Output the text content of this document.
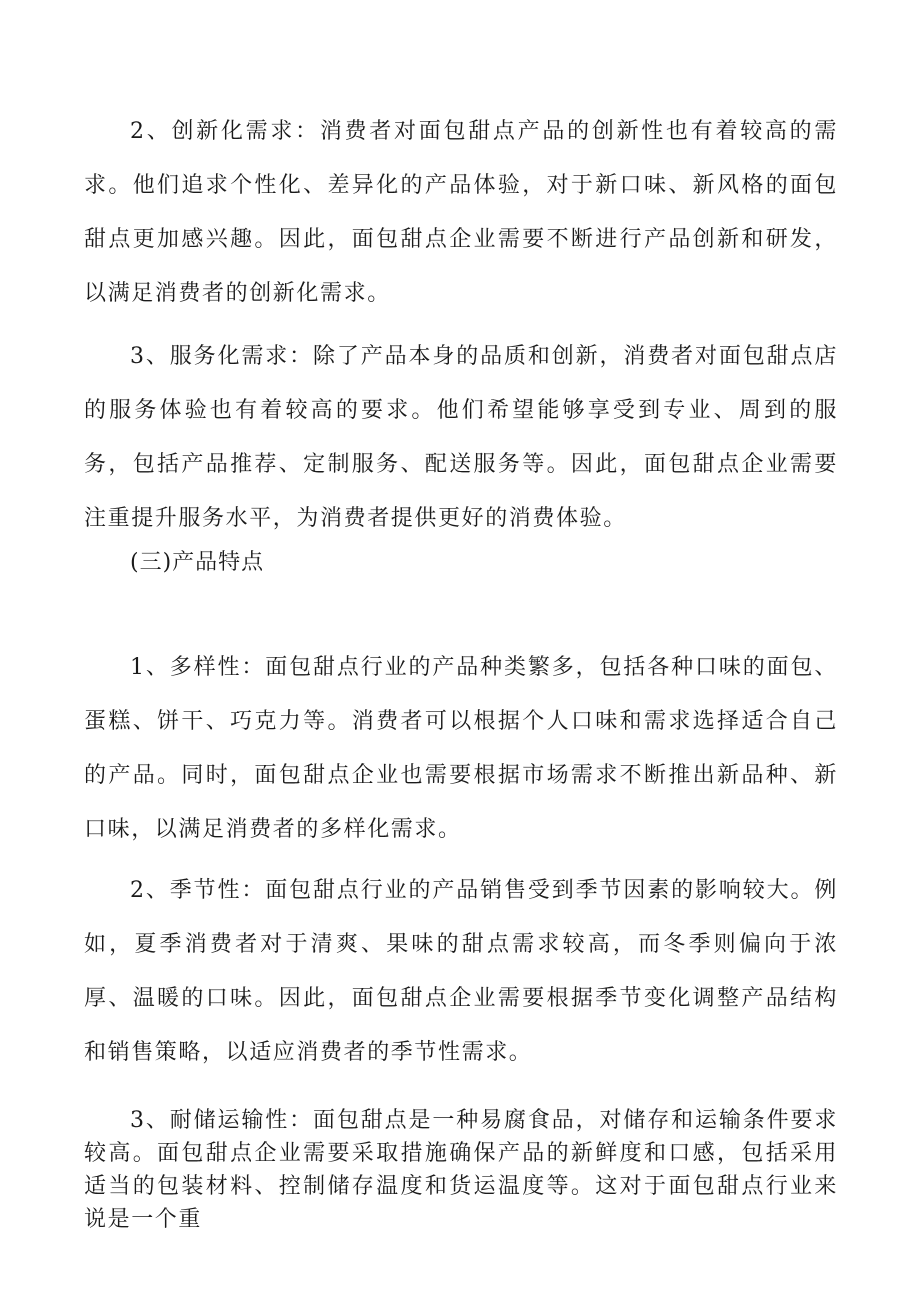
2、创新化需求：消费者对面包甜点产品的创新性也有着较高的需求。他们追求个性化、差异化的产品体验，对于新口味、新风格的面包甜点更加感兴趣。因此，面包甜点企业需要不断进行产品创新和研发，以满足消费者的创新化需求。

3、服务化需求：除了产品本身的品质和创新，消费者对面包甜点店的服务体验也有着较高的要求。他们希望能够享受到专业、周到的服务，包括产品推荐、定制服务、配送服务等。因此，面包甜点企业需要注重提升服务水平，为消费者提供更好的消费体验。

(三)产品特点

1、多样性：面包甜点行业的产品种类繁多，包括各种口味的面包、蛋糕、饼干、巧克力等。消费者可以根据个人口味和需求选择适合自己的产品。同时，面包甜点企业也需要根据市场需求不断推出新品种、新口味，以满足消费者的多样化需求。

2、季节性：面包甜点行业的产品销售受到季节因素的影响较大。例如，夏季消费者对于清爽、果味的甜点需求较高，而冬季则偏向于浓厚、温暖的口味。因此，面包甜点企业需要根据季节变化调整产品结构和销售策略，以适应消费者的季节性需求。

3、耐储运输性：面包甜点是一种易腐食品，对储存和运输条件要求较高。面包甜点企业需要采取措施确保产品的新鲜度和口感，包括采用适当的包装材料、控制储存温度和货运温度等。这对于面包甜点行业来说是一个重
